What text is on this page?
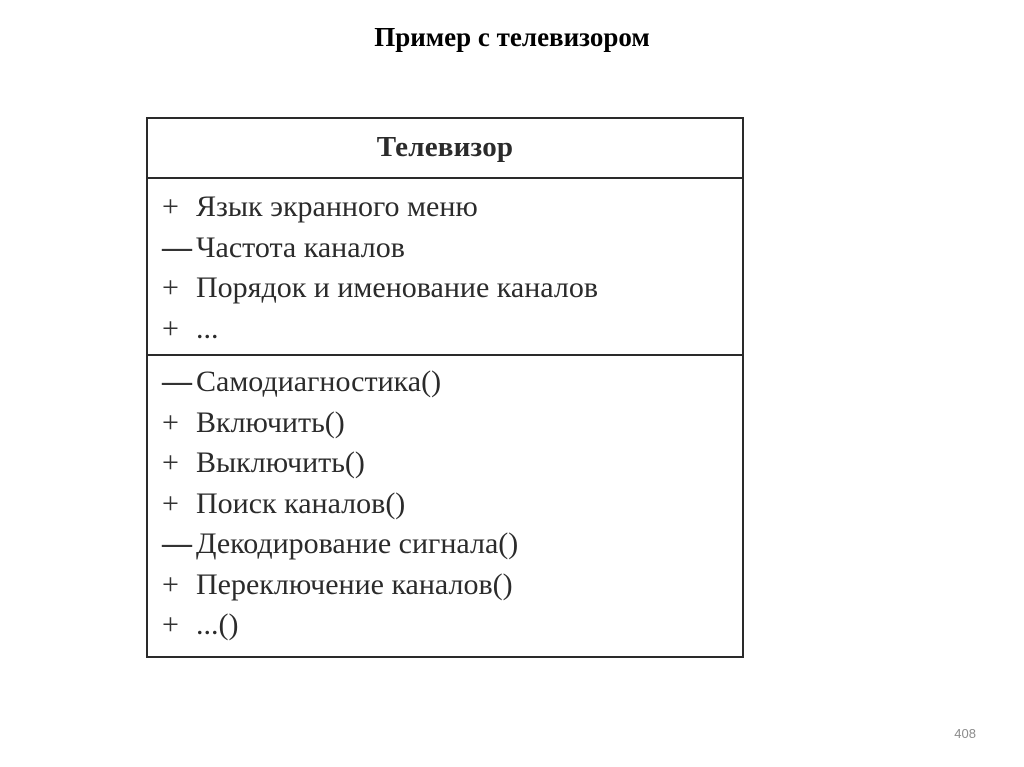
Пример с телевизором
Телевизор
+ Язык экранного меню
— Частота каналов
+ Порядок и именование каналов
+ ...
— Самодиагностика()
+ Включить()
+ Выключить()
+ Поиск каналов()
— Декодирование сигнала()
+ Переключение каналов()
+ ...()
408
